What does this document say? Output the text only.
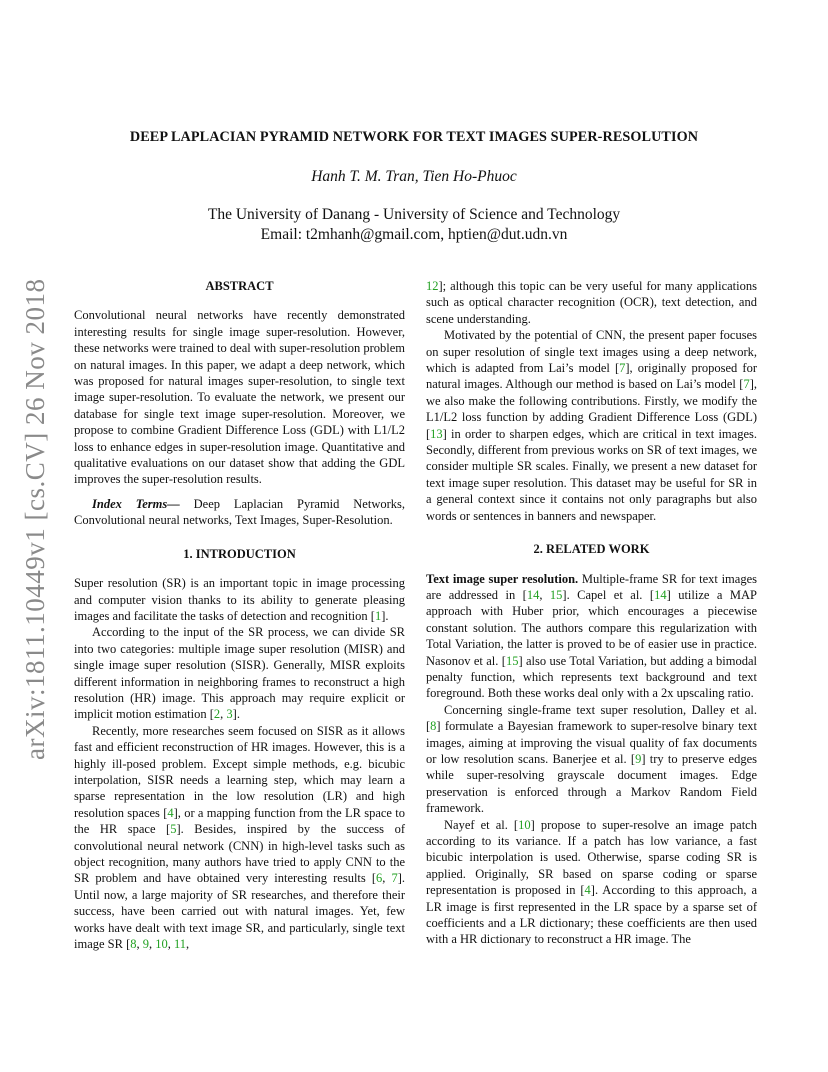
arXiv:1811.10449v1 [cs.CV] 26 Nov 2018
DEEP LAPLACIAN PYRAMID NETWORK FOR TEXT IMAGES SUPER-RESOLUTION
Hanh T. M. Tran, Tien Ho-Phuoc
The University of Danang - University of Science and Technology
Email: t2mhanh@gmail.com, hptien@dut.udn.vn

ABSTRACT

Convolutional neural networks have recently demonstrated interesting results for single image super-resolution. However, these networks were trained to deal with super-resolution problem on natural images. In this paper, we adapt a deep network, which was proposed for natural images super-resolution, to single text image super-resolution. To evaluate the network, we present our database for single text image super-resolution. Moreover, we propose to combine Gradient Difference Loss (GDL) with L1/L2 loss to enhance edges in super-resolution image. Quantitative and qualitative evaluations on our dataset show that adding the GDL improves the super-resolution results.

Index Terms— Deep Laplacian Pyramid Networks, Convolutional neural networks, Text Images, Super-Resolution.

1. INTRODUCTION

Super resolution (SR) is an important topic in image processing and computer vision thanks to its ability to generate pleasing images and facilitate the tasks of detection and recognition [1].

According to the input of the SR process, we can divide SR into two categories: multiple image super resolution (MISR) and single image super resolution (SISR). Generally, MISR exploits different information in neighboring frames to reconstruct a high resolution (HR) image. This approach may require explicit or implicit motion estimation [2, 3].

Recently, more researches seem focused on SISR as it allows fast and efficient reconstruction of HR images. However, this is a highly ill-posed problem. Except simple methods, e.g. bicubic interpolation, SISR needs a learning step, which may learn a sparse representation in the low resolution (LR) and high resolution spaces [4], or a mapping function from the LR space to the HR space [5]. Besides, inspired by the success of convolutional neural network (CNN) in high-level tasks such as object recognition, many authors have tried to apply CNN to the SR problem and have obtained very interesting results [6, 7]. Until now, a large majority of SR researches, and therefore their success, have been carried out with natural images. Yet, few works have dealt with text image SR, and particularly, single text image SR [8, 9, 10, 11,

12]; although this topic can be very useful for many applications such as optical character recognition (OCR), text detection, and scene understanding.

Motivated by the potential of CNN, the present paper focuses on super resolution of single text images using a deep network, which is adapted from Lai’s model [7], originally proposed for natural images. Although our method is based on Lai’s model [7], we also make the following contributions. Firstly, we modify the L1/L2 loss function by adding Gradient Difference Loss (GDL) [13] in order to sharpen edges, which are critical in text images. Secondly, different from previous works on SR of text images, we consider multiple SR scales. Finally, we present a new dataset for text image super resolution. This dataset may be useful for SR in a general context since it contains not only paragraphs but also words or sentences in banners and newspaper.

2. RELATED WORK

Text image super resolution. Multiple-frame SR for text images are addressed in [14, 15]. Capel et al. [14] utilize a MAP approach with Huber prior, which encourages a piecewise constant solution. The authors compare this regularization with Total Variation, the latter is proved to be of easier use in practice. Nasonov et al. [15] also use Total Variation, but adding a bimodal penalty function, which represents text background and text foreground. Both these works deal only with a 2x upscaling ratio.

Concerning single-frame text super resolution, Dalley et al. [8] formulate a Bayesian framework to super-resolve binary text images, aiming at improving the visual quality of fax documents or low resolution scans. Banerjee et al. [9] try to preserve edges while super-resolving grayscale document images. Edge preservation is enforced through a Markov Random Field framework.

Nayef et al. [10] propose to super-resolve an image patch according to its variance. If a patch has low variance, a fast bicubic interpolation is used. Otherwise, sparse coding SR is applied. Originally, SR based on sparse coding or sparse representation is proposed in [4]. According to this approach, a LR image is first represented in the LR space by a sparse set of coefficients and a LR dictionary; these coefficients are then used with a HR dictionary to reconstruct a HR image. The
